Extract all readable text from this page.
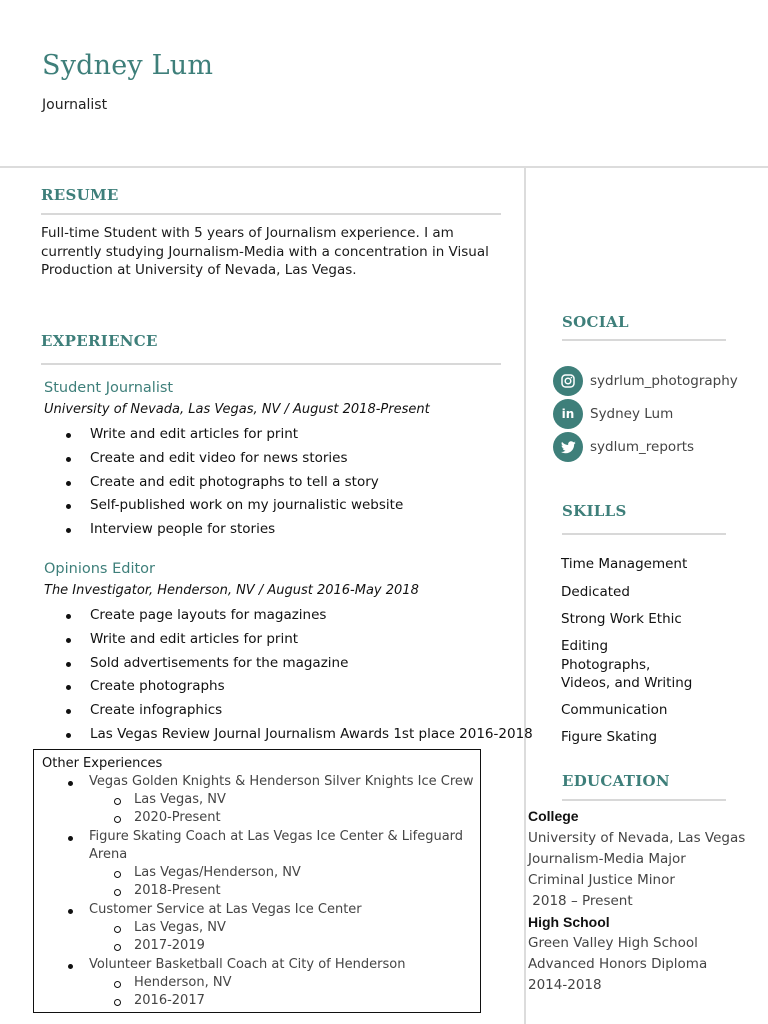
Sydney Lum
Journalist
RESUME
Full-time Student with 5 years of Journalism experience. I am currently studying Journalism-Media with a concentration in Visual Production at University of Nevada, Las Vegas.
EXPERIENCE
Student Journalist
University of Nevada, Las Vegas, NV / August 2018-Present
Write and edit articles for print
Create and edit video for news stories
Create and edit photographs to tell a story
Self-published work on my journalistic website
Interview people for stories
Opinions Editor
The Investigator, Henderson, NV / August 2016-May 2018
Create page layouts for magazines
Write and edit articles for print
Sold advertisements for the magazine
Create photographs
Create infographics
Las Vegas Review Journal Journalism Awards 1st place 2016-2018
Other Experiences
Vegas Golden Knights & Henderson Silver Knights Ice Crew
Las Vegas, NV
2020-Present
Figure Skating Coach at Las Vegas Ice Center & Lifeguard
Arena
Las Vegas/Henderson, NV
2018-Present
Customer Service at Las Vegas Ice Center
Las Vegas, NV
2017-2019
Volunteer Basketball Coach at City of Henderson
Henderson, NV
2016-2017
SOCIAL
sydrlum_photography
in Sydney Lum
sydlum_reports
SKILLS
Time Management
Dedicated
Strong Work Ethic
Editing Photographs, Videos, and Writing
Communication
Figure Skating
EDUCATION
College
University of Nevada, Las Vegas
Journalism-Media Major
Criminal Justice Minor
2018 – Present
High School
Green Valley High School
Advanced Honors Diploma
2014-2018
